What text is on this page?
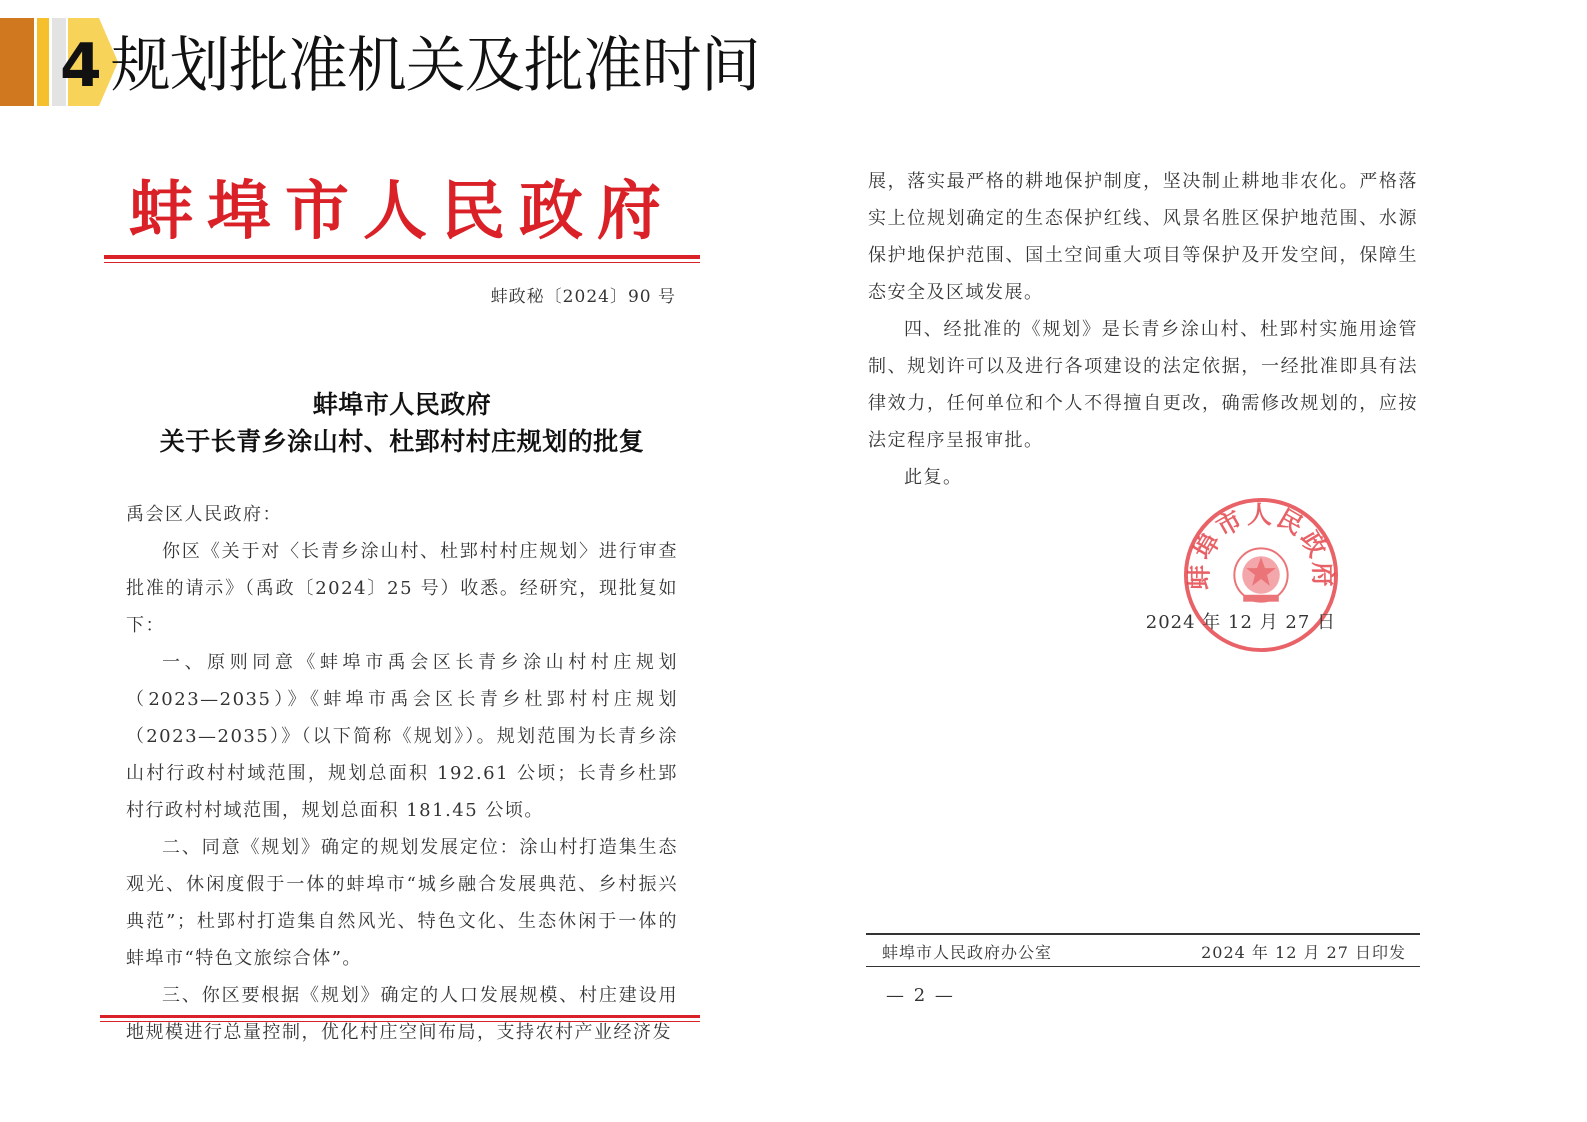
4 规划批准机关及批准时间
蚌埠市人民政府
蚌政秘〔2024〕90 号
蚌埠市人民政府
关于长青乡涂山村、杜郢村村庄规划的批复

禹会区人民政府：

你区《关于对〈长青乡涂山村、杜郢村村庄规划〉进行审查批准的请示》（禹政〔2024〕25 号）收悉。经研究，现批复如下：

一、原则同意《蚌埠市禹会区长青乡涂山村村庄规划（2023—2035）》《蚌埠市禹会区长青乡杜郢村村庄规划（2023—2035）》（以下简称《规划》）。规划范围为长青乡涂山村行政村村域范围，规划总面积 192.61 公顷；长青乡杜郢村行政村村域范围，规划总面积 181.45 公顷。

二、同意《规划》确定的规划发展定位：涂山村打造集生态观光、休闲度假于一体的蚌埠市“城乡融合发展典范、乡村振兴典范”；杜郢村打造集自然风光、特色文化、生态休闲于一体的蚌埠市“特色文旅综合体”。

三、你区要根据《规划》确定的人口发展规模、村庄建设用地规模进行总量控制，优化村庄空间布局，支持农村产业经济发

展，落实最严格的耕地保护制度，坚决制止耕地非农化。严格落实上位规划确定的生态保护红线、风景名胜区保护地范围、水源保护地保护范围、国土空间重大项目等保护及开发空间，保障生态安全及区域发展。

四、经批准的《规划》是长青乡涂山村、杜郢村实施用途管制、规划许可以及进行各项建设的法定依据，一经批准即具有法律效力，任何单位和个人不得擅自更改，确需修改规划的，应按法定程序呈报审批。

此复。

蚌埠市人民政府
2024 年 12 月 27 日
蚌埠市人民政府办公室	2024 年 12 月 27 日印发
— 2 —
